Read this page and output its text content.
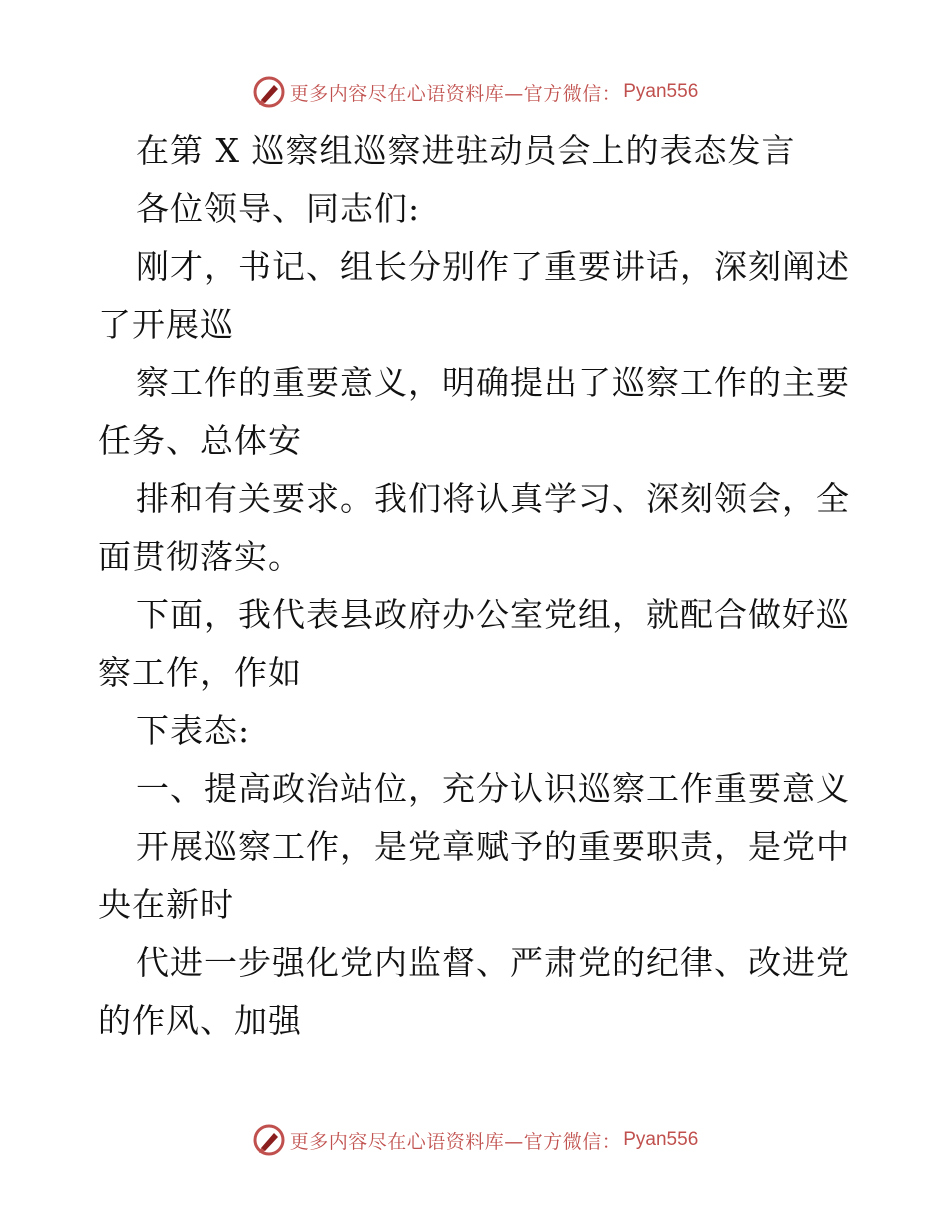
更多内容尽在心语资料库—官方微信： Pyan556
在第 X 巡察组巡察进驻动员会上的表态发言
各位领导、同志们:
刚才，书记、组长分别作了重要讲话，深刻阐述
了开展巡
察工作的重要意义，明确提出了巡察工作的主要
任务、总体安
排和有关要求。我们将认真学习、深刻领会，全
面贯彻落实。
下面，我代表县政府办公室党组，就配合做好巡
察工作，作如
下表态:
一、提高政治站位，充分认识巡察工作重要意义
开展巡察工作，是党章赋予的重要职责，是党中
央在新时
代进一步强化党内监督、严肃党的纪律、改进党
的作风、加强
更多内容尽在心语资料库—官方微信： Pyan556
